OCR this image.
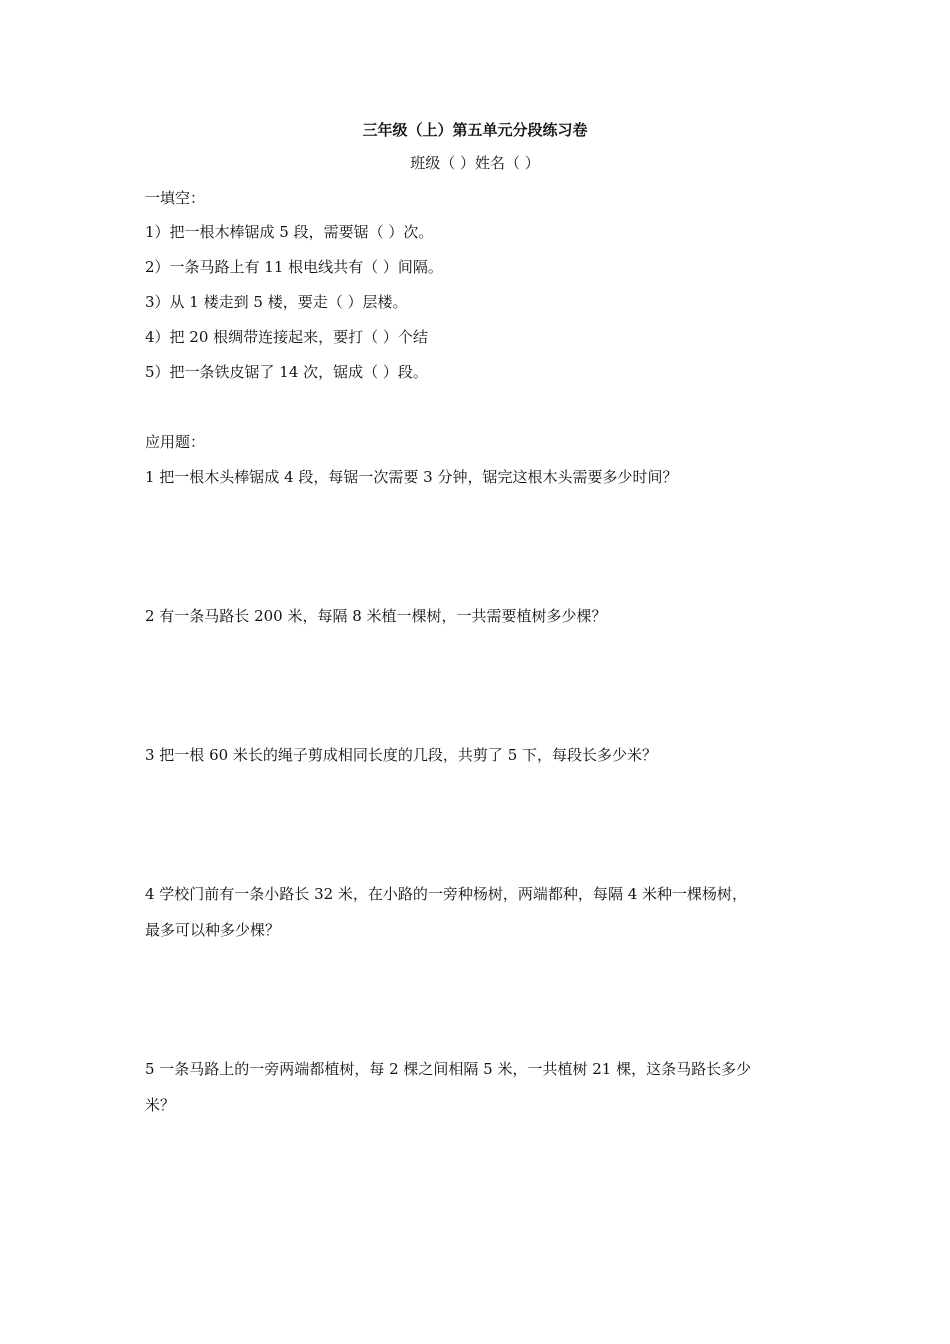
三年级（上）第五单元分段练习卷
班级（ ）姓名（ ）
一填空：
1）把一根木棒锯成 5 段，需要锯（ ）次。
2）一条马路上有 11 根电线共有（ ）间隔。
3）从 1 楼走到 5 楼，要走（ ）层楼。
4）把 20 根绸带连接起来，要打（ ）个结
5）把一条铁皮锯了 14 次，锯成（ ）段。
应用题：
1 把一根木头棒锯成 4 段，每锯一次需要 3 分钟，锯完这根木头需要多少时间？
2 有一条马路长 200 米，每隔 8 米植一棵树，一共需要植树多少棵？
3 把一根 60 米长的绳子剪成相同长度的几段，共剪了 5 下，每段长多少米？
4 学校门前有一条小路长 32 米，在小路的一旁种杨树，两端都种，每隔 4 米种一棵杨树，
最多可以种多少棵？
5 一条马路上的一旁两端都植树，每 2 棵之间相隔 5 米，一共植树 21 棵，这条马路长多少
米？
